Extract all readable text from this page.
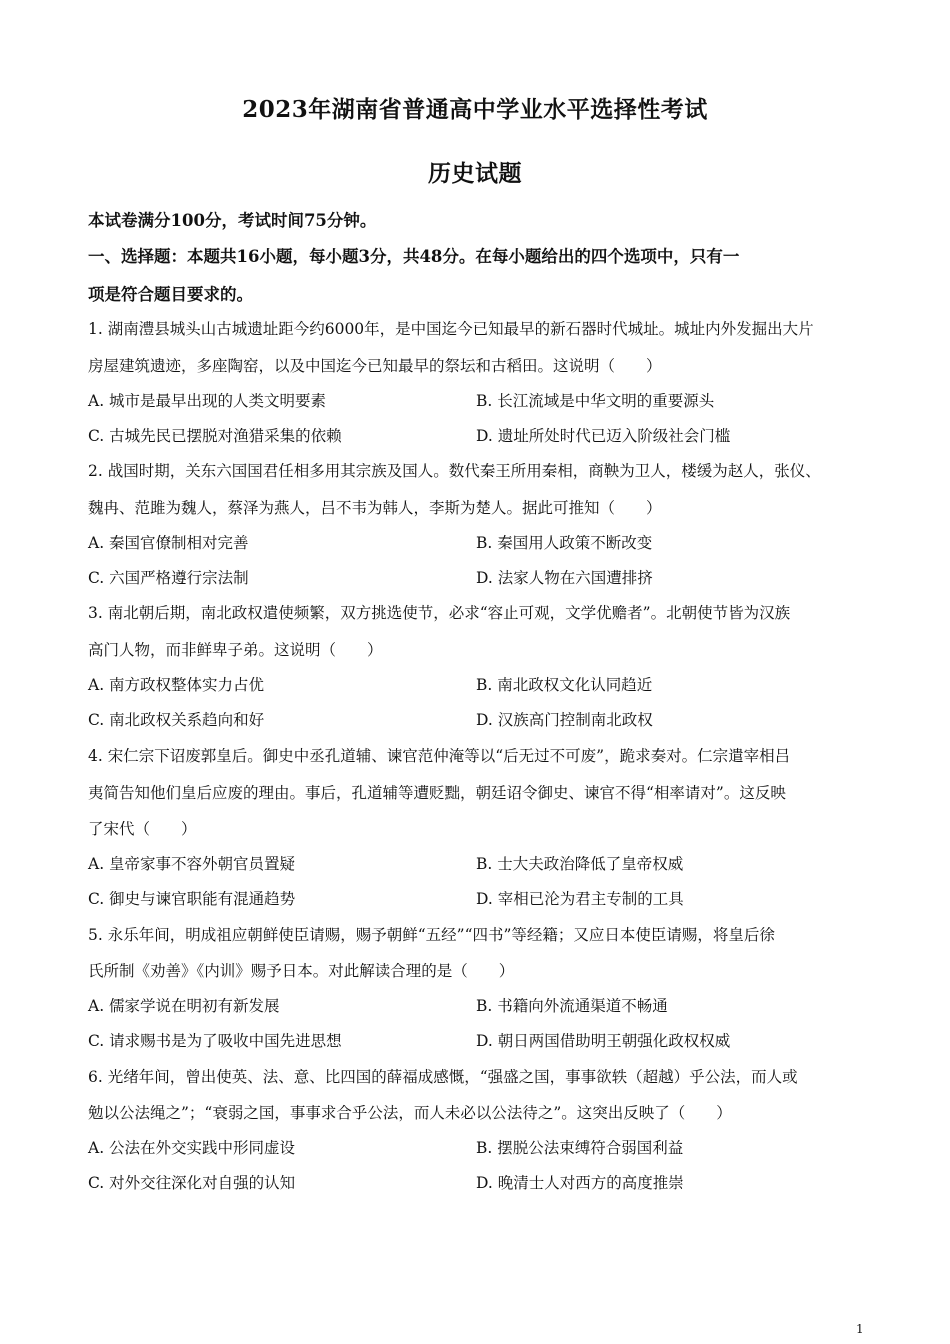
2023年湖南省普通高中学业水平选择性考试
历史试题
本试卷满分100分，考试时间75分钟。
一、选择题：本题共16小题，每小题3分，共48分。在每小题给出的四个选项中，只有一
项是符合题目要求的。
1. 湖南澧县城头山古城遗址距今约6000年，是中国迄今已知最早的新石器时代城址。城址内外发掘出大片
房屋建筑遗迹，多座陶窑，以及中国迄今已知最早的祭坛和古稻田。这说明（　　）
A. 城市是最早出现的人类文明要素	B. 长江流域是中华文明的重要源头
C. 古城先民已摆脱对渔猎采集的依赖	D. 遗址所处时代已迈入阶级社会门槛
2. 战国时期，关东六国国君任相多用其宗族及国人。数代秦王所用秦相，商鞅为卫人，楼缓为赵人，张仪、
魏冉、范雎为魏人，蔡泽为燕人，吕不韦为韩人，李斯为楚人。据此可推知（　　）
A. 秦国官僚制相对完善	B. 秦国用人政策不断改变
C. 六国严格遵行宗法制	D. 法家人物在六国遭排挤
3. 南北朝后期，南北政权遣使频繁，双方挑选使节，必求“容止可观，文学优赡者”。北朝使节皆为汉族
高门人物，而非鲜卑子弟。这说明（　　）
A. 南方政权整体实力占优	B. 南北政权文化认同趋近
C. 南北政权关系趋向和好	D. 汉族高门控制南北政权
4. 宋仁宗下诏废郭皇后。御史中丞孔道辅、谏官范仲淹等以“后无过不可废”，跪求奏对。仁宗遣宰相吕
夷简告知他们皇后应废的理由。事后，孔道辅等遭贬黜，朝廷诏令御史、谏官不得“相率请对”。这反映
了宋代（　　）
A. 皇帝家事不容外朝官员置疑	B. 士大夫政治降低了皇帝权威
C. 御史与谏官职能有混通趋势	D. 宰相已沦为君主专制的工具
5. 永乐年间，明成祖应朝鲜使臣请赐，赐予朝鲜“五经”“四书”等经籍；又应日本使臣请赐，将皇后徐
氏所制《劝善》《内训》赐予日本。对此解读合理的是（　　）
A. 儒家学说在明初有新发展	B. 书籍向外流通渠道不畅通
C. 请求赐书是为了吸收中国先进思想	D. 朝日两国借助明王朝强化政权权威
6. 光绪年间，曾出使英、法、意、比四国的薛福成感慨，“强盛之国，事事欲轶（超越）乎公法，而人或
勉以公法绳之”；“衰弱之国，事事求合乎公法，而人未必以公法待之”。这突出反映了（　　）
A. 公法在外交实践中形同虚设	B. 摆脱公法束缚符合弱国利益
C. 对外交往深化对自强的认知	D. 晚清士人对西方的高度推崇
1
